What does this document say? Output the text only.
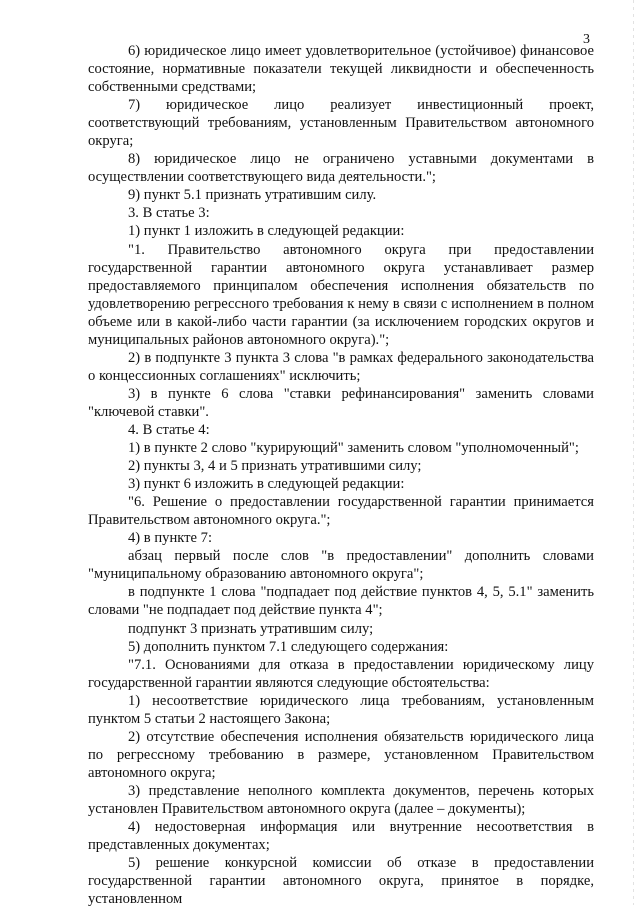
3

6) юридическое лицо имеет удовлетворительное (устойчивое) финансовое состояние, нормативные показатели текущей ликвидности и обеспеченность собственными средствами;

7) юридическое лицо реализует инвестиционный проект, соответствующий требованиям, установленным Правительством автономного округа;

8) юридическое лицо не ограничено уставными документами в осуществлении соответствующего вида деятельности.";

9) пункт 5.1 признать утратившим силу.

3. В статье 3:

1) пункт 1 изложить в следующей редакции:

"1. Правительство автономного округа при предоставлении государственной гарантии автономного округа устанавливает размер предоставляемого принципалом обеспечения исполнения обязательств по удовлетворению регрессного требования к нему в связи с исполнением в полном объеме или в какой-либо части гарантии (за исключением городских округов и муниципальных районов автономного округа).";

2) в подпункте 3 пункта 3 слова "в рамках федерального законодательства о концессионных соглашениях" исключить;

3) в пункте 6 слова "ставки рефинансирования" заменить словами "ключевой ставки".

4. В статье 4:

1) в пункте 2 слово "курирующий" заменить словом "уполномоченный";

2) пункты 3, 4 и 5 признать утратившими силу;

3) пункт 6 изложить в следующей редакции:

"6. Решение о предоставлении государственной гарантии принимается Правительством автономного округа.";

4) в пункте 7:

абзац первый после слов "в предоставлении" дополнить словами "муниципальному образованию автономного округа";

в подпункте 1 слова "подпадает под действие пунктов 4, 5, 5.1" заменить словами "не подпадает под действие пункта 4";

подпункт 3 признать утратившим силу;

5) дополнить пунктом 7.1 следующего содержания:

"7.1. Основаниями для отказа в предоставлении юридическому лицу государственной гарантии являются следующие обстоятельства:

1) несоответствие юридического лица требованиям, установленным пунктом 5 статьи 2 настоящего Закона;

2) отсутствие обеспечения исполнения обязательств юридического лица по регрессному требованию в размере, установленном Правительством автономного округа;

3) представление неполного комплекта документов, перечень которых установлен Правительством автономного округа (далее – документы);

4) недостоверная информация или внутренние несоответствия в представленных документах;

5) решение конкурсной комиссии об отказе в предоставлении государственной гарантии автономного округа, принятое в порядке, установленном
